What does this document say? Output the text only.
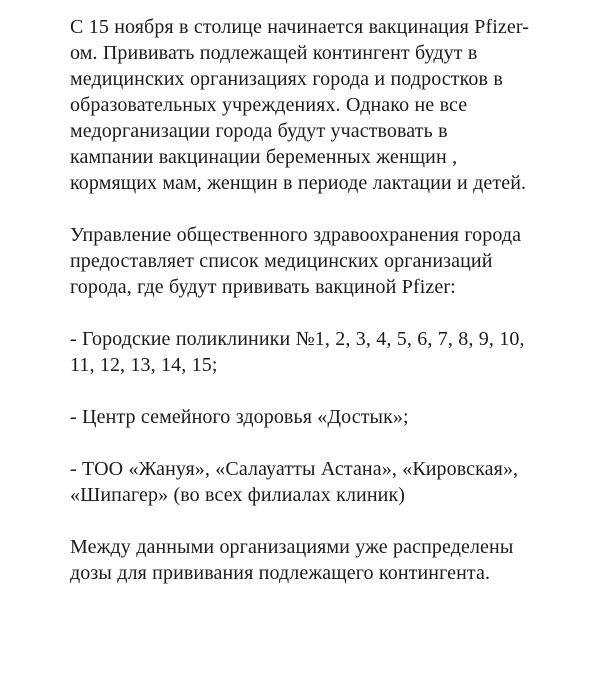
С 15 ноября в столице начинается вакцинация Pfizer-ом. Прививать подлежащей контингент будут в медицинских организациях города и подростков в образовательных учреждениях. Однако не все медорганизации города будут участвовать в кампании вакцинации беременных женщин , кормящих мам, женщин в периоде лактации и детей.

Управление общественного здравоохранения города предоставляет список медицинских организаций города, где будут прививать вакциной Pfizer:

- Городские поликлиники №1, 2, 3, 4, 5, 6, 7, 8, 9, 10, 11, 12, 13, 14, 15;

- Центр семейного здоровья «Достык»;

- ТОО «Жануя», «Салауатты Астана», «Кировская», «Шипагер» (во всех филиалах клиник)

Между данными организациями уже распределены дозы для прививания подлежащего контингента.
